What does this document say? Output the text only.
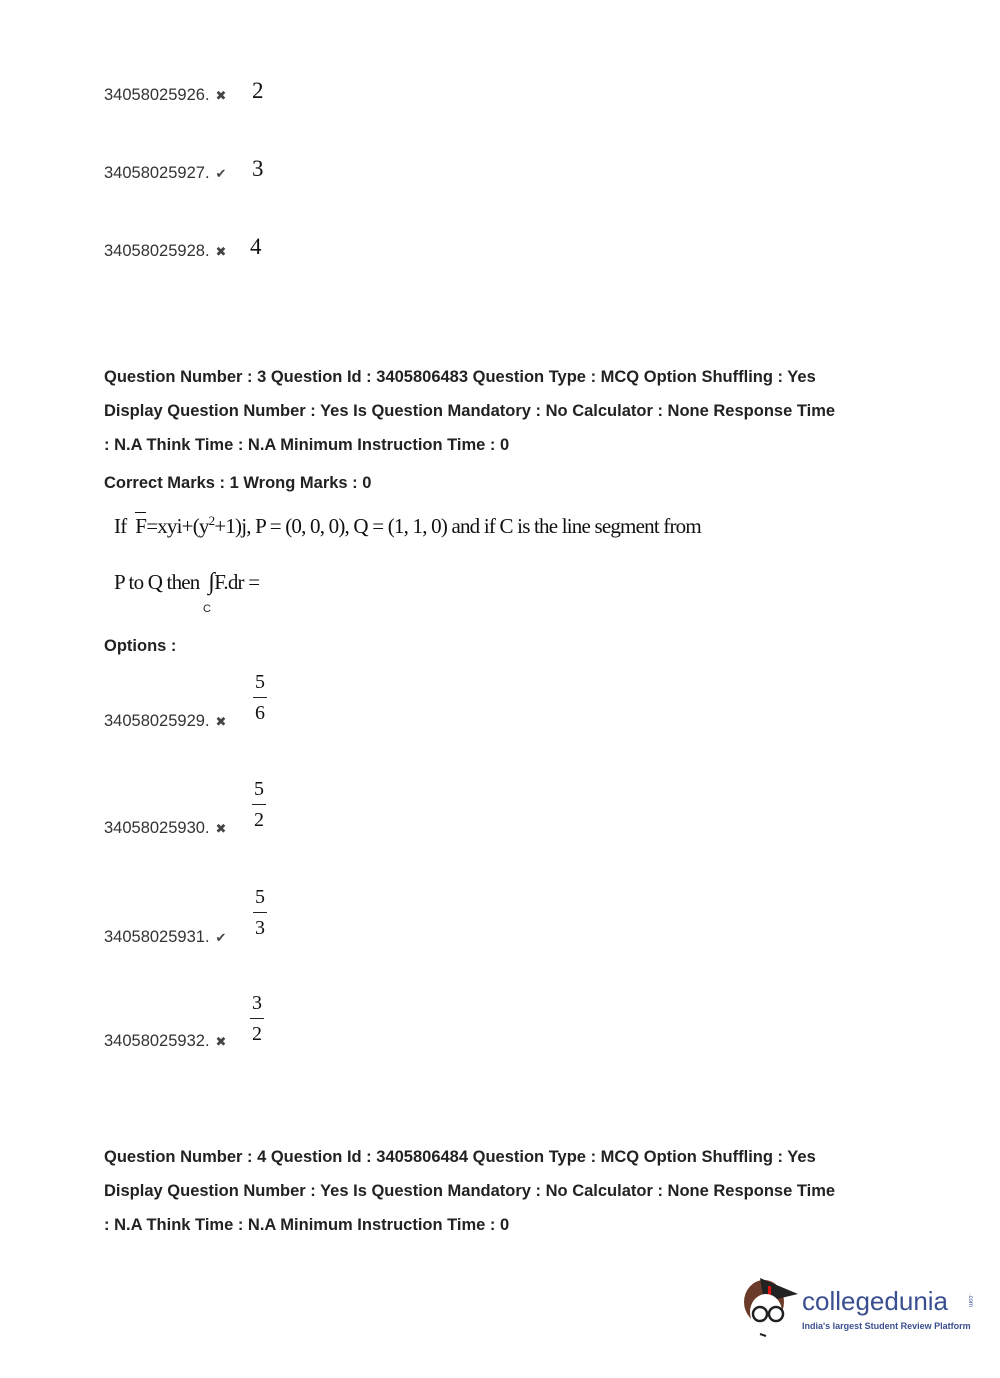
34058025926. ✖ 2
34058025927. ✔ 3
34058025928. ✖ 4
Question Number : 3 Question Id : 3405806483 Question Type : MCQ Option Shuffling : Yes
Display Question Number : Yes Is Question Mandatory : No Calculator : None Response Time
: N.A Think Time : N.A Minimum Instruction Time : 0
Correct Marks : 1 Wrong Marks : 0
If $F=xyi+(y^2+1)j$, P = (0, 0, 0), Q = (1, 1, 0) and if C is the line segment from
P to Q then ∫F.dr =
C
Options :
34058025929. ✖
5
6
34058025930. ✖
5
2
34058025931. ✔
5
3
34058025932. ✖
3
2
Question Number : 4 Question Id : 3405806484 Question Type : MCQ Option Shuffling : Yes
Display Question Number : Yes Is Question Mandatory : No Calculator : None Response Time
: N.A Think Time : N.A Minimum Instruction Time : 0
collegedunia	.com
India's largest Student Review Platform
